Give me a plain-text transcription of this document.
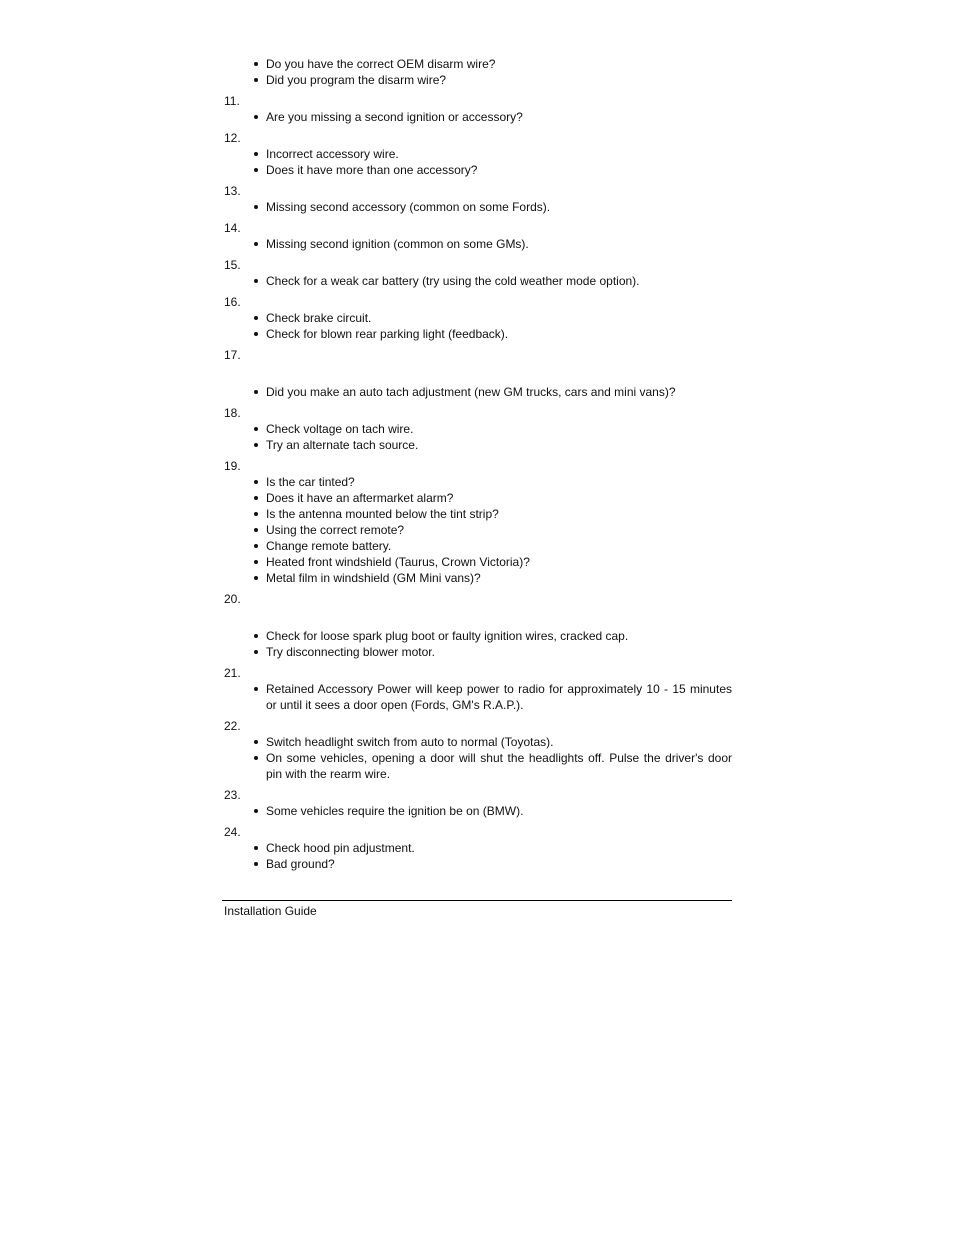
Do you have the correct OEM disarm wire?
Did you program the disarm wire?
11.
Are you missing a second ignition or accessory?
12.
Incorrect accessory wire.
Does it have more than one accessory?
13.
Missing second accessory (common on some Fords).
14.
Missing second ignition (common on some GMs).
15.
Check for a weak car battery (try using the cold weather mode option).
16.
Check brake circuit.
Check for blown rear parking light (feedback).
17.
Did you make an auto tach adjustment (new GM trucks, cars and mini vans)?
18.
Check voltage on tach wire.
Try an alternate tach source.
19.
Is the car tinted?
Does it have an aftermarket alarm?
Is the antenna mounted below the tint strip?
Using the correct remote?
Change remote battery.
Heated front windshield (Taurus, Crown Victoria)?
Metal film in windshield (GM Mini vans)?
20.
Check for loose spark plug boot or faulty ignition wires, cracked cap.
Try disconnecting blower motor.
21.
Retained Accessory Power will keep power to radio for approximately 10 - 15 minutes or until it sees a door open (Fords, GM's R.A.P.).
22.
Switch headlight switch from auto to normal (Toyotas).
On some vehicles, opening a door will shut the headlights off. Pulse the driver's door pin with the rearm wire.
23.
Some vehicles require the ignition be on (BMW).
24.
Check hood pin adjustment.
Bad ground?
Installation Guide
